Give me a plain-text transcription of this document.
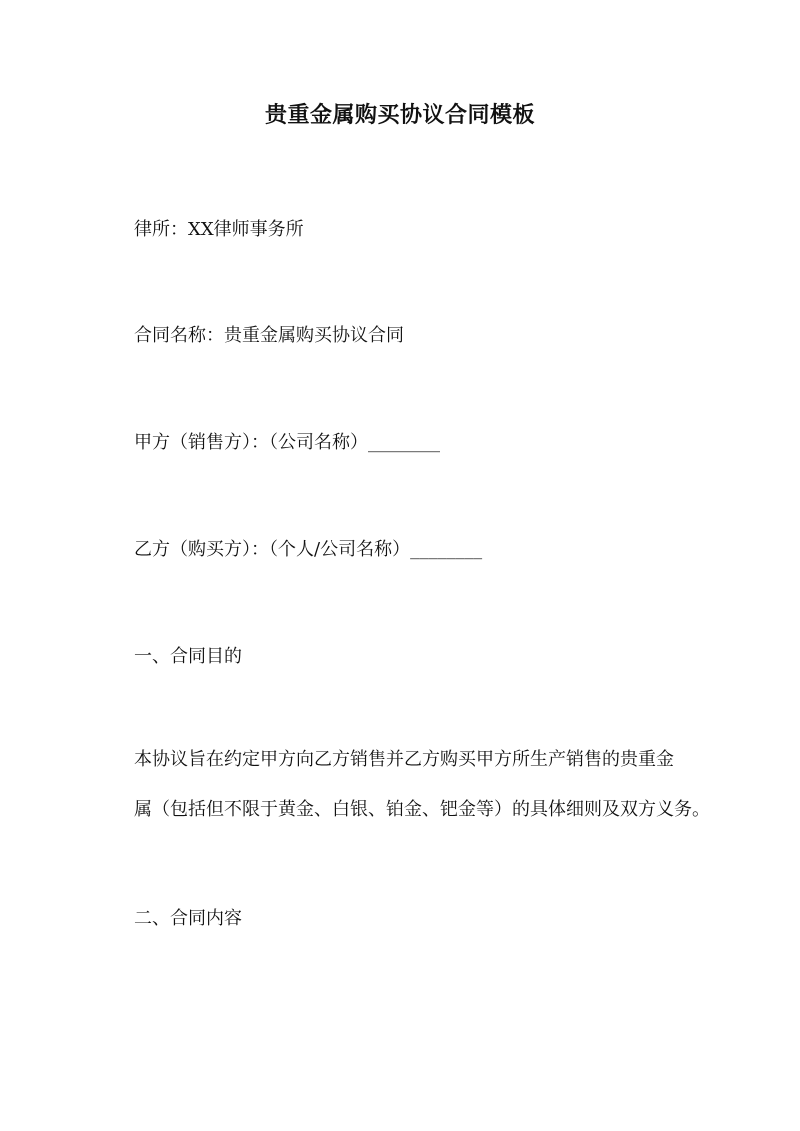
贵重金属购买协议合同模板

律所：XX律师事务所

合同名称：贵重金属购买协议合同

甲方（销售方）：（公司名称）________

乙方（购买方）：（个人/公司名称）________

一、合同目的

本协议旨在约定甲方向乙方销售并乙方购买甲方所生产销售的贵重金
属（包括但不限于黄金、白银、铂金、钯金等）的具体细则及双方义务。

二、合同内容
